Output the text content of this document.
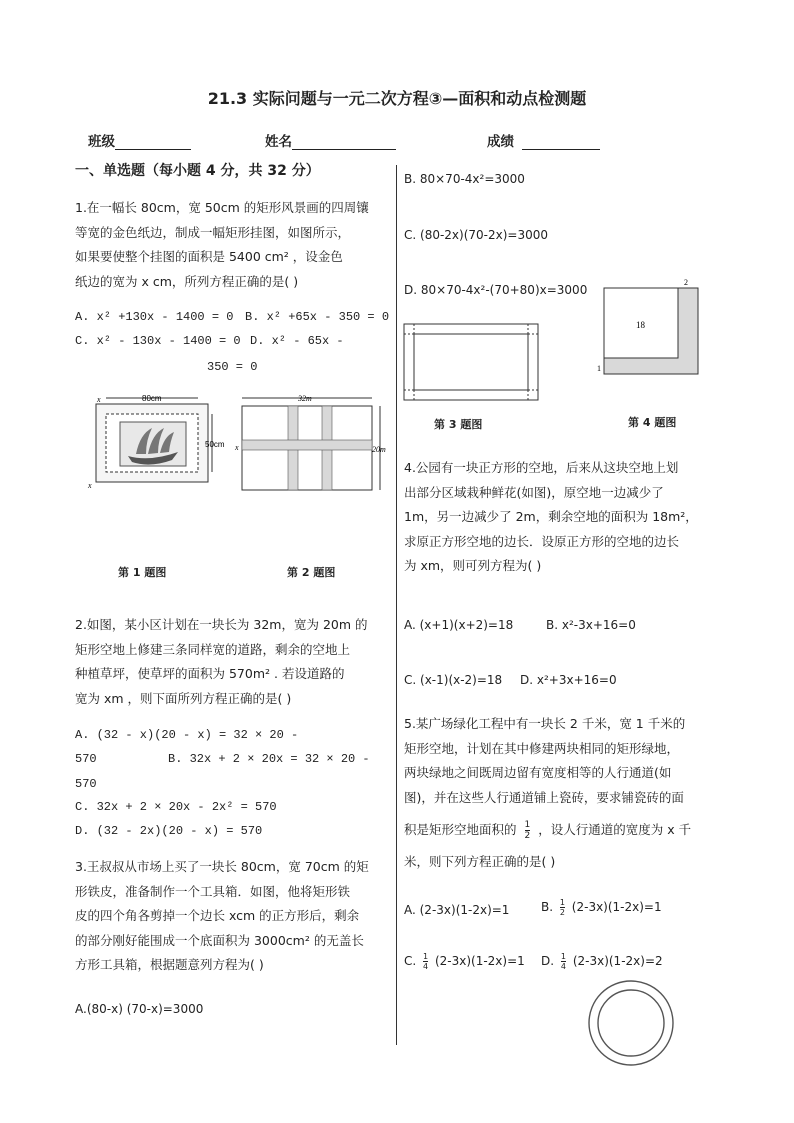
21.3 实际问题与一元二次方程③—面积和动点检测题
班级	姓名	成绩
一、单选题（每小题 4 分，共 32 分）
1.在一幅长 80cm，宽 50cm 的矩形风景画的四周镶
等宽的金色纸边，制成一幅矩形挂图，如图所示，
如果要使整个挂图的面积是 5400 cm² ，设金色
纸边的宽为 x cm，所列方程正确的是( )
A. x² +130x - 1400 = 0 B. x² +65x - 350 = 0
C. x² - 130x - 1400 = 0 D. x² - 65x -
350 = 0
80cm
x
50cm
x
32m
20m
x
第 1 题图	第 2 题图
2.如图，某小区计划在一块长为 32m，宽为 20m 的
矩形空地上修建三条同样宽的道路，剩余的空地上
种植草坪，使草坪的面积为 570m² . 若设道路的
宽为 xm ，则下面所列方程正确的是( )
A. (32 - x)(20 - x) = 32 × 20 -
570	B. 32x + 2 × 20x = 32 × 20 -
570
C. 32x + 2 × 20x - 2x² = 570
D. (32 - 2x)(20 - x) = 570
3.王叔叔从市场上买了一块长 80cm，宽 70cm 的矩
形铁皮，准备制作一个工具箱．如图，他将矩形铁
皮的四个角各剪掉一个边长 xcm 的正方形后，剩余
的部分刚好能围成一个底面积为 3000cm² 的无盖长
方形工具箱，根据题意列方程为( )
A.(80-x) (70-x)=3000
B. 80×70-4x²=3000
C. (80-2x)(70-2x)=3000
D. 80×70-4x²-(70+80)x=3000
18
2
1
第 3 题图	第 4 题图
4.公园有一块正方形的空地，后来从这块空地上划
出部分区域栽种鲜花(如图)，原空地一边减少了
1m，另一边减少了 2m，剩余空地的面积为 18m²，
求原正方形空地的边长．设原正方形的空地的边长
为 xm，则可列方程为( )
A. (x+1)(x+2)=18	B. x²-3x+16=0
C. (x-1)(x-2)=18 D. x²+3x+16=0
5.某广场绿化工程中有一块长 2 千米，宽 1 千米的
矩形空地，计划在其中修建两块相同的矩形绿地，
两块绿地之间既周边留有宽度相等的人行通道(如
图)，并在这些人行通道铺上瓷砖，要求铺瓷砖的面
积是矩形空地面积的 $\frac{1}{2}$ ，设人行通道的宽度为 x 千
米，则下列方程正确的是( )
A. (2-3x)(1-2x)=1	B. $\frac{1}{2} (2-3x)(1-2x)=1$
C. $\frac{1}{4} (2-3x)(1-2x)=1$ D. $\frac{1}{4} (2-3x)(1-2x)=2$
